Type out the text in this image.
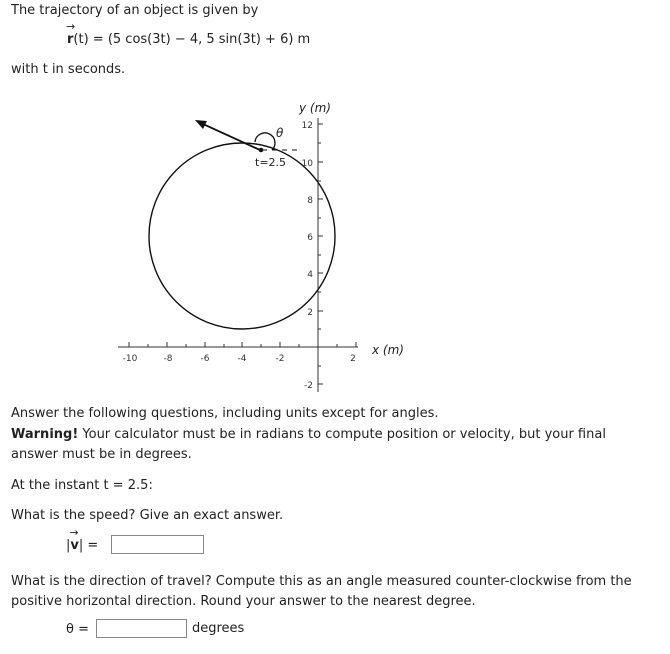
The trajectory of an object is given by
→ r(t) = (5 cos(3t) − 4, 5 sin(3t) + 6) m
with t in seconds.
12
10
8
6
4
2
-2
-10	-8	-6	-4	-2	2
y (m)
x (m)
θ
t=2.5
Answer the following questions, including units except for angles.
Warning! Your calculator must be in radians to compute position or velocity, but your final answer must be in degrees.
At the instant t = 2.5:
What is the speed? Give an exact answer.
|→ v| =
What is the direction of travel? Compute this as an angle measured counter-clockwise from the positive horizontal direction. Round your answer to the nearest degree.
θ =	degrees
